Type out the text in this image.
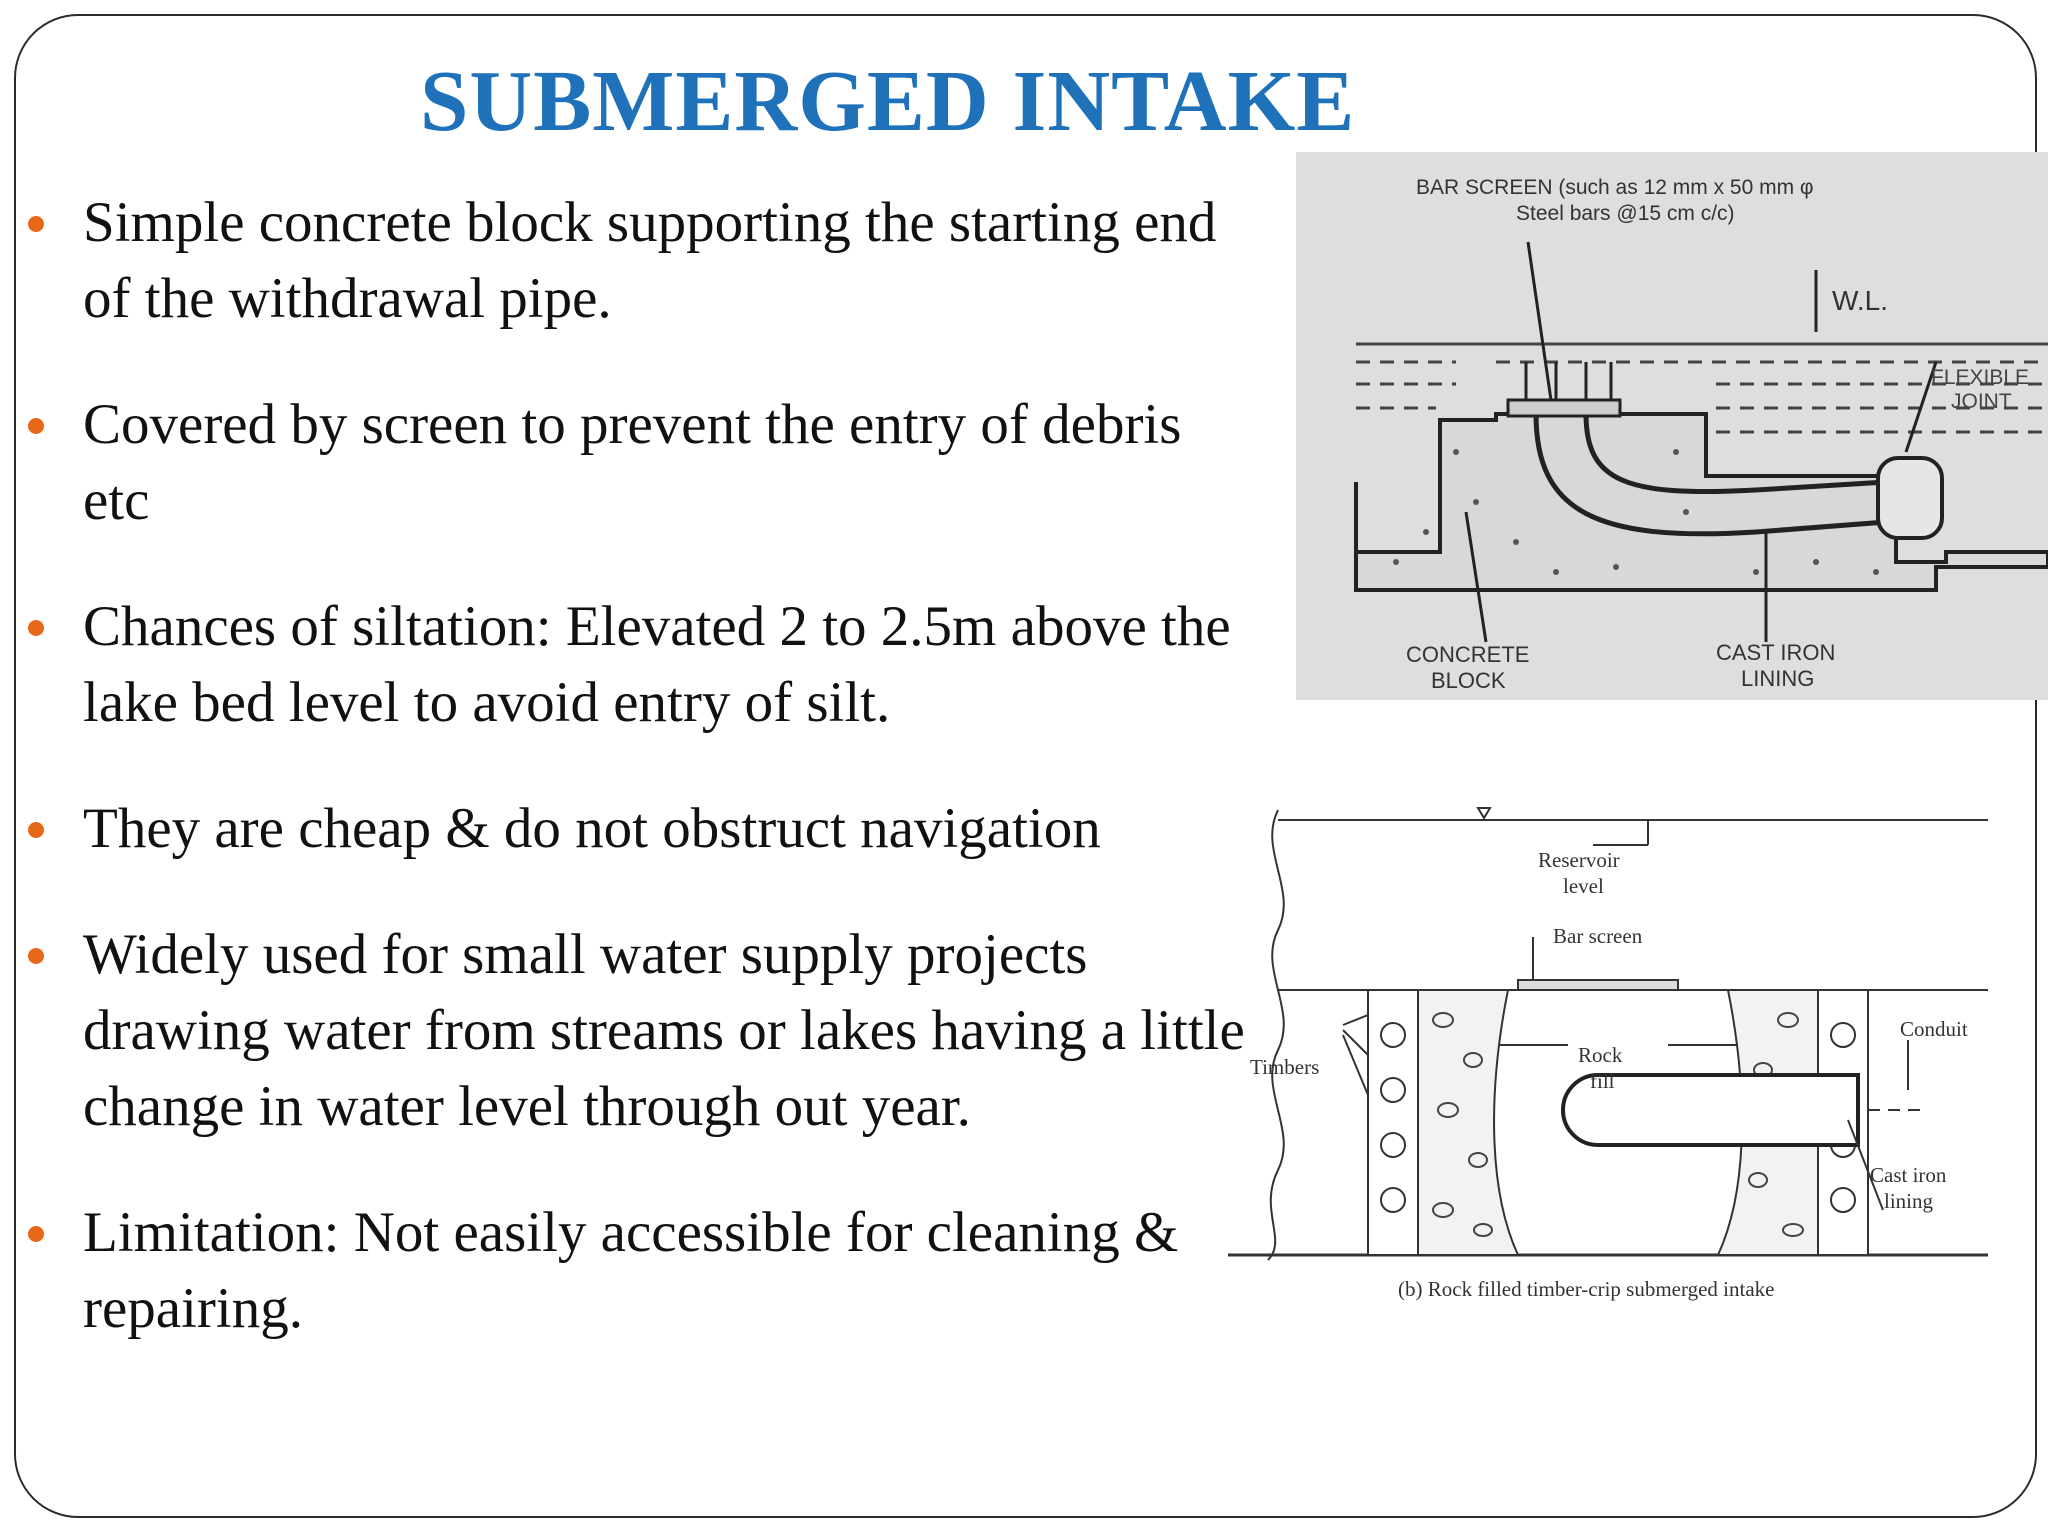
SUBMERGED INTAKE
Simple concrete block supporting the starting end of the withdrawal pipe.
Covered by screen to prevent the entry of debris etc
Chances of siltation: Elevated 2 to 2.5m above the lake bed level to avoid entry of silt.
They are cheap & do not obstruct navigation
Widely used for small water supply projects drawing water from streams or lakes having a little change in water level through out year.
Limitation: Not easily accessible for cleaning & repairing.
BAR SCREEN (such as 12 mm x 50 mm φ
Steel bars @15 cm c/c)
W.L.
FLEXIBLE
JOINT
CONCRETE
BLOCK
CAST IRON
LINING
Reservoir
level
Bar screen
Timbers	Rock
fill
Conduit
Cast iron
lining
(b) Rock filled timber-crip submerged intake
